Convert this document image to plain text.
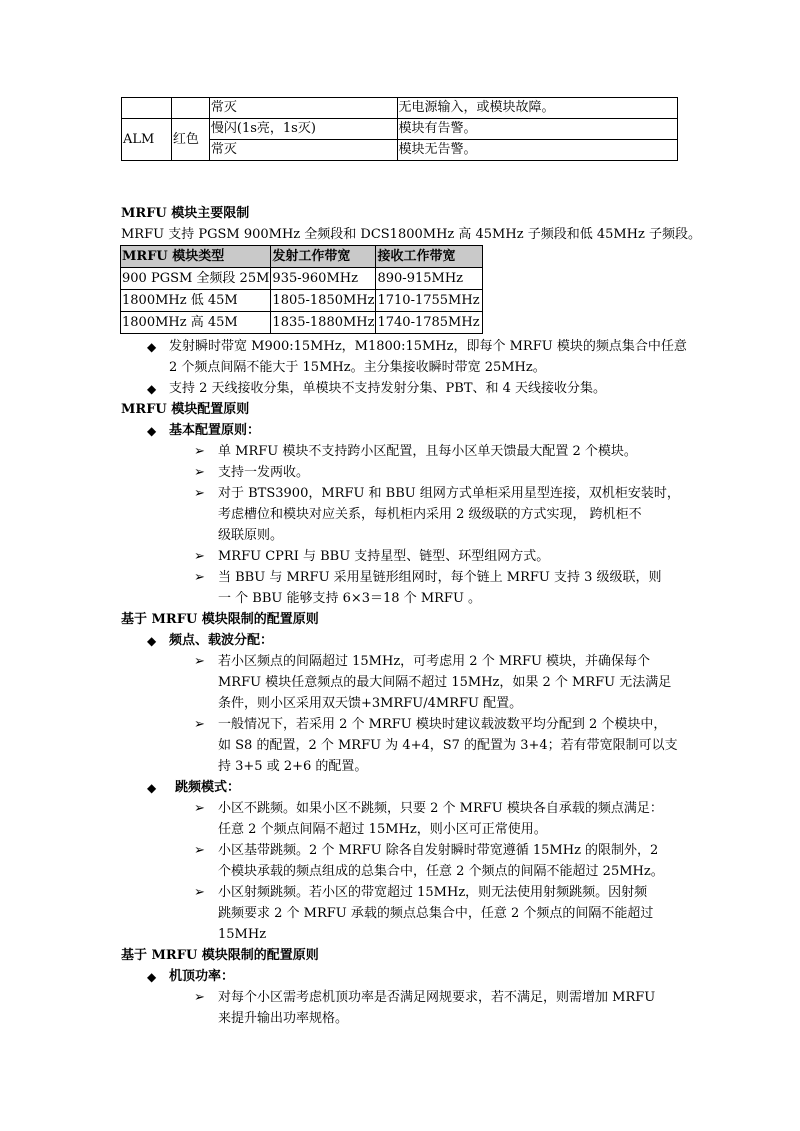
		常灭	无电源输入，或模块故障。
ALM	红色	慢闪(1s亮，1s灭)	模块有告警。
		常灭	模块无告警。
MRFU 模块主要限制
MRFU 支持 PGSM 900MHz 全频段和 DCS1800MHz 高 45MHz 子频段和低 45MHz 子频段。
MRFU 模块类型	发射工作带宽	接收工作带宽
900 PGSM 全频段 25M	935-960MHz	890-915MHz
1800MHz 低 45M	1805-1850MHz	1710-1755MHz
1800MHz 高 45M	1835-1880MHz	1740-1785MHz
◆ 发射瞬时带宽 M900:15MHz，M1800:15MHz，即每个 MRFU 模块的频点集合中任意
2 个频点间隔不能大于 15MHz。主分集接收瞬时带宽 25MHz。
◆ 支持 2 天线接收分集，单模块不支持发射分集、PBT、和 4 天线接收分集。
MRFU 模块配置原则
◆ 基本配置原则：
➢ 单 MRFU 模块不支持跨小区配置，且每小区单天馈最大配置 2 个模块。
➢ 支持一发两收。
➢ 对于 BTS3900，MRFU 和 BBU 组网方式单柜采用星型连接，双机柜安装时，
考虑槽位和模块对应关系，每机柜内采用 2 级级联的方式实现， 跨机柜不
级联原则。
➢ MRFU CPRI 与 BBU 支持星型、链型、环型组网方式。
➢ 当 BBU 与 MRFU 采用星链形组网时，每个链上 MRFU 支持 3 级级联，则
一 个 BBU 能够支持 6×3＝18 个 MRFU 。
基于 MRFU 模块限制的配置原则
◆ 频点、载波分配：
➢ 若小区频点的间隔超过 15MHz，可考虑用 2 个 MRFU 模块，并确保每个
MRFU 模块任意频点的最大间隔不超过 15MHz，如果 2 个 MRFU 无法满足
条件，则小区采用双天馈+3MRFU/4MRFU 配置。
➢ 一般情况下，若采用 2 个 MRFU 模块时建议载波数平均分配到 2 个模块中，
如 S8 的配置，2 个 MRFU 为 4+4，S7 的配置为 3+4；若有带宽限制可以支
持 3+5 或 2+6 的配置。
◆ 跳频模式：
➢ 小区不跳频。如果小区不跳频，只要 2 个 MRFU 模块各自承载的频点满足：
任意 2 个频点间隔不超过 15MHz，则小区可正常使用。
➢ 小区基带跳频。2 个 MRFU 除各自发射瞬时带宽遵循 15MHz 的限制外，2
个模块承载的频点组成的总集合中，任意 2 个频点的间隔不能超过 25MHz。
➢ 小区射频跳频。若小区的带宽超过 15MHz，则无法使用射频跳频。因射频
跳频要求 2 个 MRFU 承载的频点总集合中，任意 2 个频点的间隔不能超过
15MHz
基于 MRFU 模块限制的配置原则
◆ 机顶功率：
➢ 对每个小区需考虑机顶功率是否满足网规要求，若不满足，则需增加 MRFU
来提升输出功率规格。
